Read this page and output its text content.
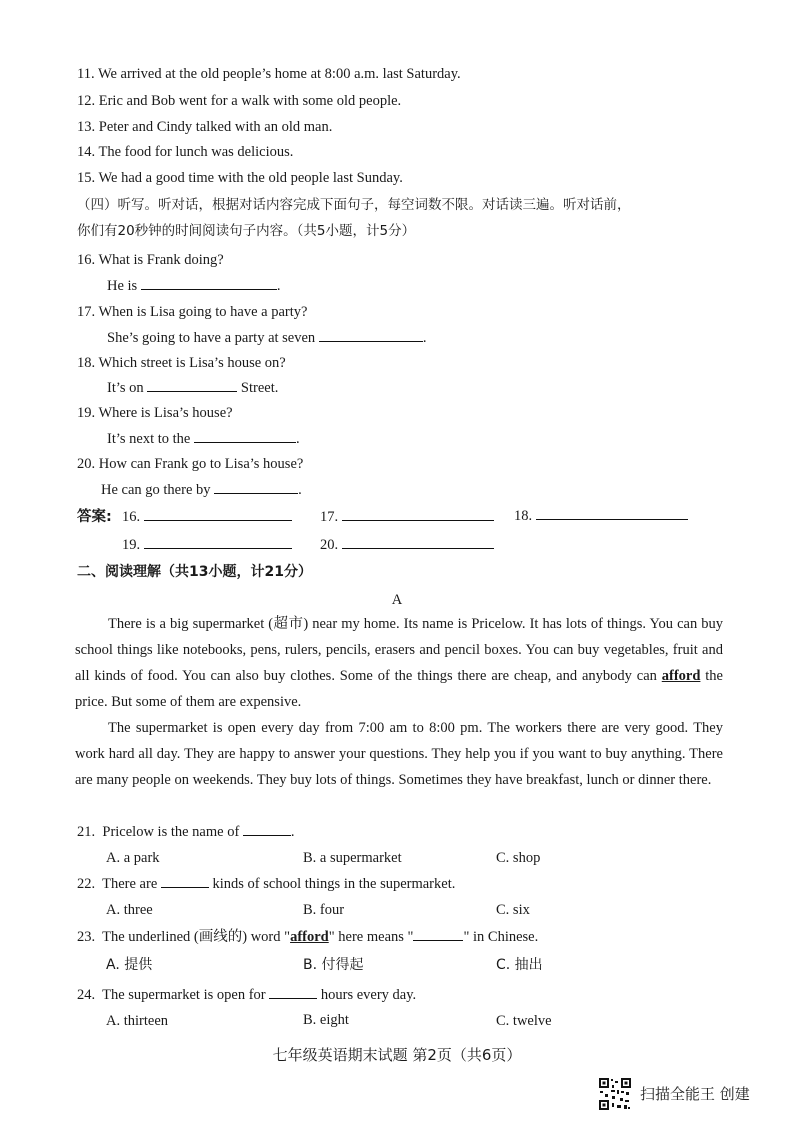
11. We arrived at the old people’s home at 8:00 a.m. last Saturday.
12. Eric and Bob went for a walk with some old people.
13. Peter and Cindy talked with an old man.
14. The food for lunch was delicious.
15. We had a good time with the old people last Sunday.
（四）听写。听对话，根据对话内容完成下面句子，每空词数不限。对话读三遍。听对话前，
你们有20秒钟的时间阅读句子内容。（共5小题，计5分）
16. What is Frank doing?
He is	.
17. When is Lisa going to have a party?
She’s going to have a party at seven	.
18. Which street is Lisa’s house on?
It’s on	Street.
19. Where is Lisa’s house?
It’s next to the	.
20. How can Frank go to Lisa’s house?
He can go there by	.
答案: 16.	17.	18.
19.	20.
二、阅读理解（共13小题，计21分）
A
There is a big supermarket (超市) near my home. Its name is Pricelow. It has lots of things. You can buy school things like notebooks, pens, rulers, pencils, erasers and pencil boxes. You can buy vegetables, fruit and all kinds of food. You can also buy clothes. Some of the things there are cheap, and anybody can afford the price. But some of them are expensive.
The supermarket is open every day from 7:00 am to 8:00 pm. The workers there are very good. They work hard all day. They are happy to answer your questions. They help you if you want to buy anything. There are many people on weekends. They buy lots of things. Sometimes they have breakfast, lunch or dinner there.
21. Pricelow is the name of	.
A. a park	B. a supermarket	C. shop
22. There are	kinds of school things in the supermarket.
A. three	B. four	C. six
23. The underlined (画线的) word "afford" here means "	" in Chinese.
A. 提供	B. 付得起	C. 抽出
24. The supermarket is open for	hours every day.
A. thirteen	B. eight	C. twelve
七年级英语期末试题 第2页（共6页）
扫描全能王 创建
